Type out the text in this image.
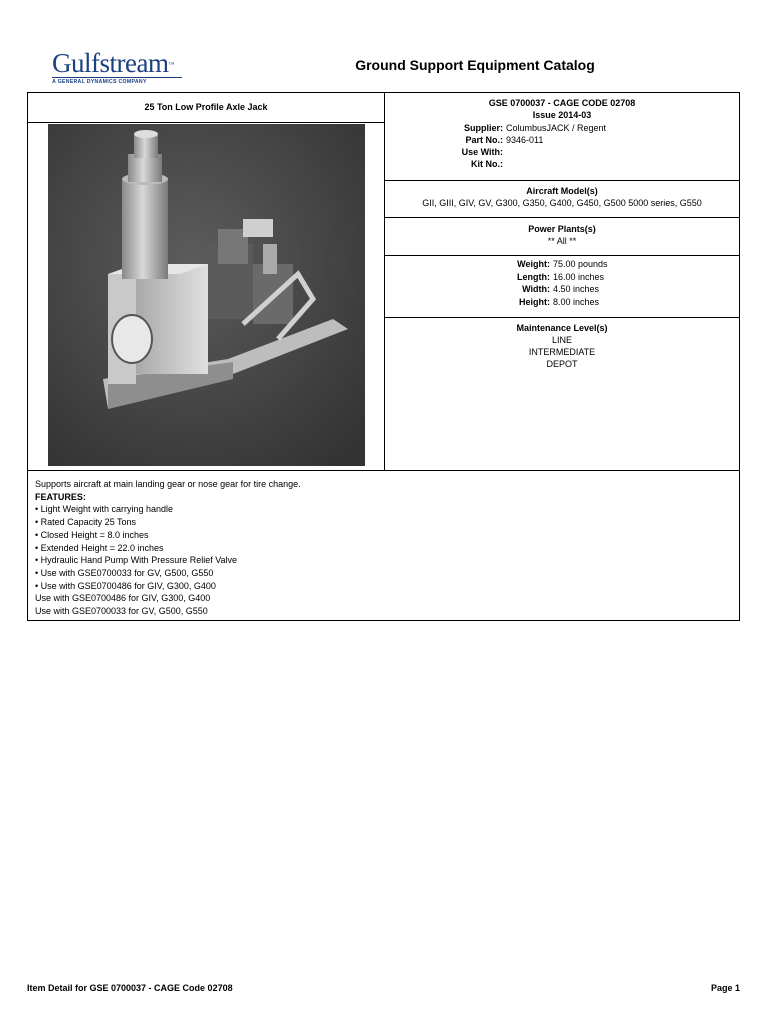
Gulfstream™
A GENERAL DYNAMICS COMPANY
Ground Support Equipment Catalog
25 Ton Low Profile Axle Jack	GSE 0700037 - CAGE CODE 02708
Issue 2014-03
Supplier: ColumbusJACK / Regent
Part No.: 9346-011
Use With:
Kit No.:
Aircraft Model(s)
GII, GIII, GIV, GV, G300, G350, G400, G450, G500 5000 series, G550
Power Plants(s)
** All **
Weight: 75.00 pounds
Length: 16.00 inches
Width: 4.50 inches
Height: 8.00 inches
Maintenance Level(s)
LINE
INTERMEDIATE
DEPOT
Supports aircraft at main landing gear or nose gear for tire change.
FEATURES:
• Light Weight with carrying handle
• Rated Capacity 25 Tons
• Closed Height = 8.0 inches
• Extended Height = 22.0 inches
• Hydraulic Hand Pump With Pressure Relief Valve
• Use with GSE0700033 for GV, G500, G550
• Use with GSE0700486 for GIV, G300, G400
Use with GSE0700486 for GIV, G300, G400
Use with GSE0700033 for GV, G500, G550
Item Detail for GSE 0700037 - CAGE Code 02708	Page 1
